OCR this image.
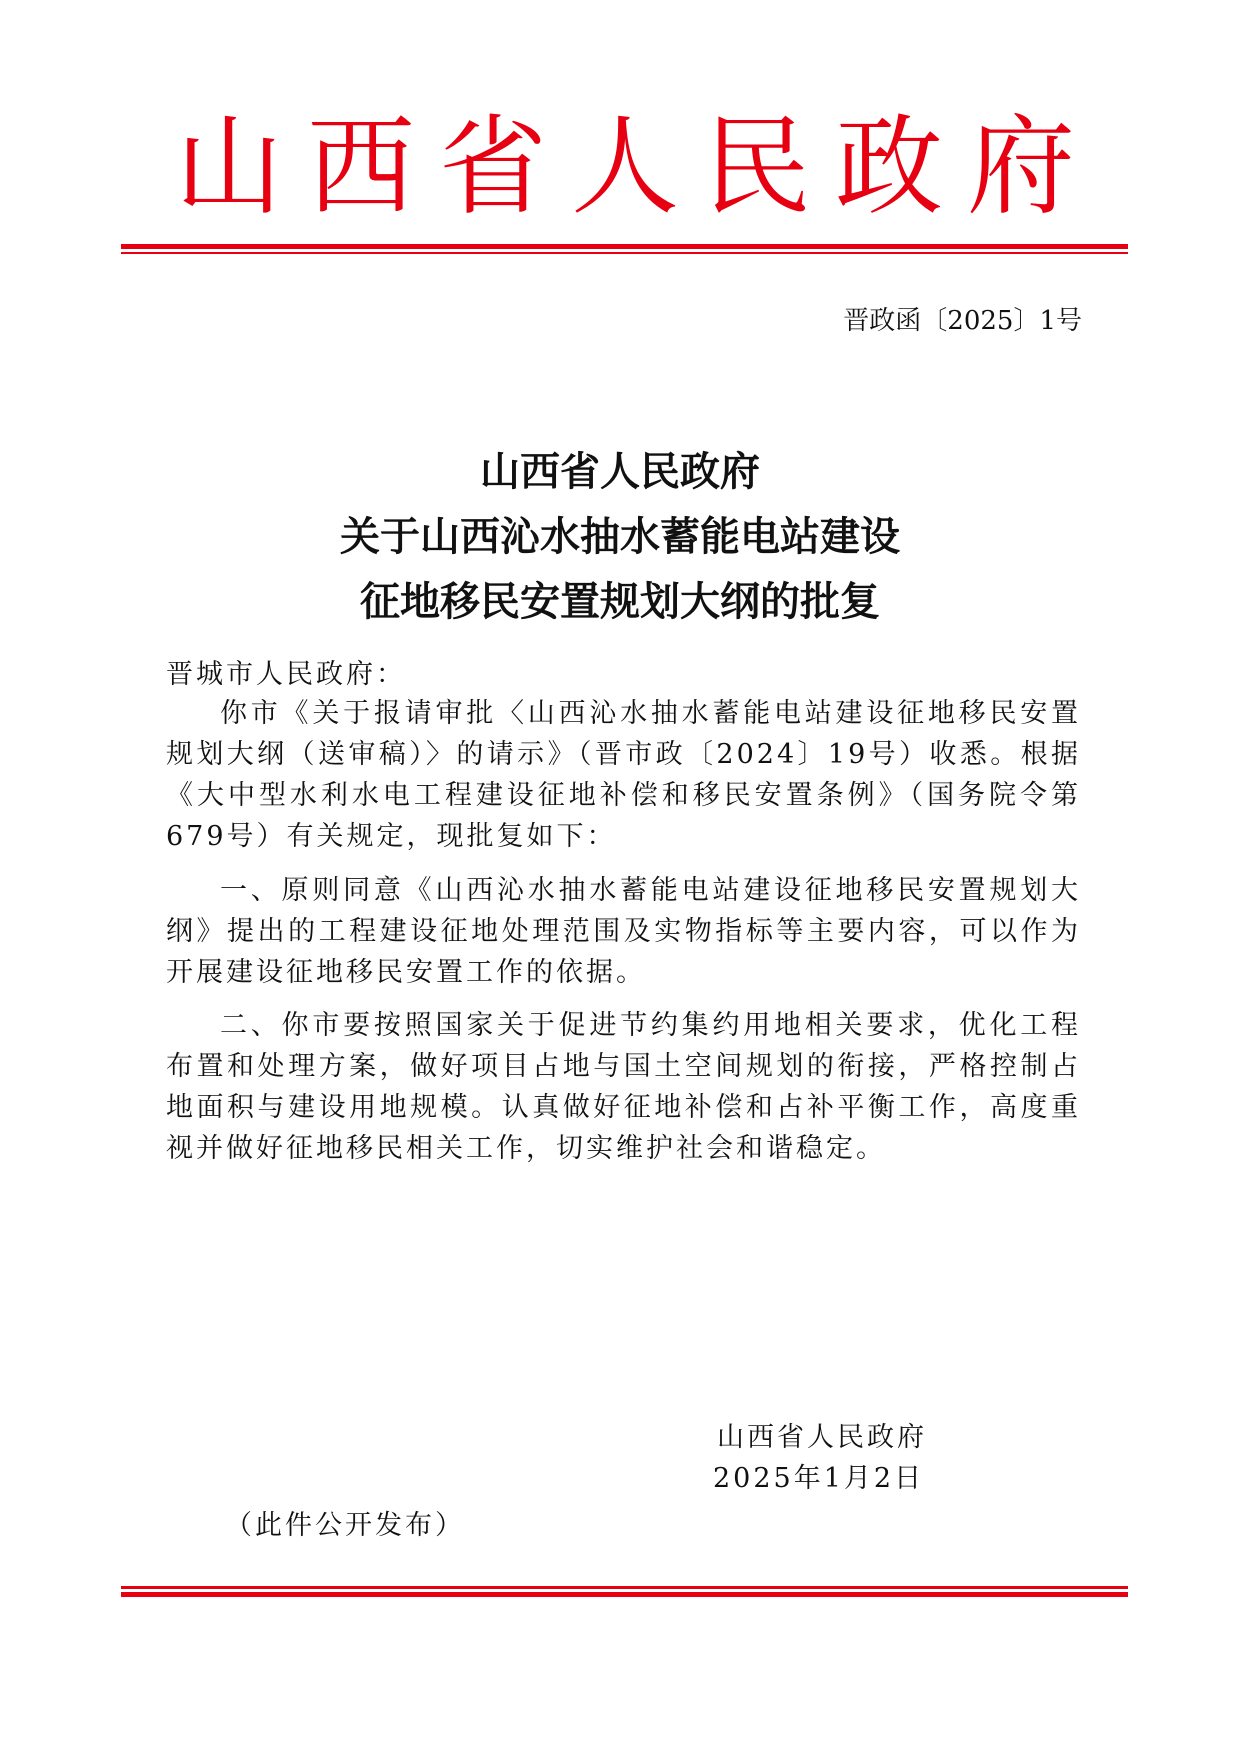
山西省人民政府
晋政函〔2025〕1号
山西省人民政府
关于山西沁水抽水蓄能电站建设
征地移民安置规划大纲的批复
晋城市人民政府：
你市《关于报请审批〈山西沁水抽水蓄能电站建设征地移民安置规划大纲（送审稿）〉的请示》（晋市政〔2024〕19号）收悉。根据《大中型水利水电工程建设征地补偿和移民安置条例》（国务院令第679号）有关规定，现批复如下：
一、原则同意《山西沁水抽水蓄能电站建设征地移民安置规划大纲》提出的工程建设征地处理范围及实物指标等主要内容，可以作为开展建设征地移民安置工作的依据。
二、你市要按照国家关于促进节约集约用地相关要求，优化工程布置和处理方案，做好项目占地与国土空间规划的衔接，严格控制占地面积与建设用地规模。认真做好征地补偿和占补平衡工作，高度重视并做好征地移民相关工作，切实维护社会和谐稳定。
山西省人民政府
2025年1月2日
（此件公开发布）
